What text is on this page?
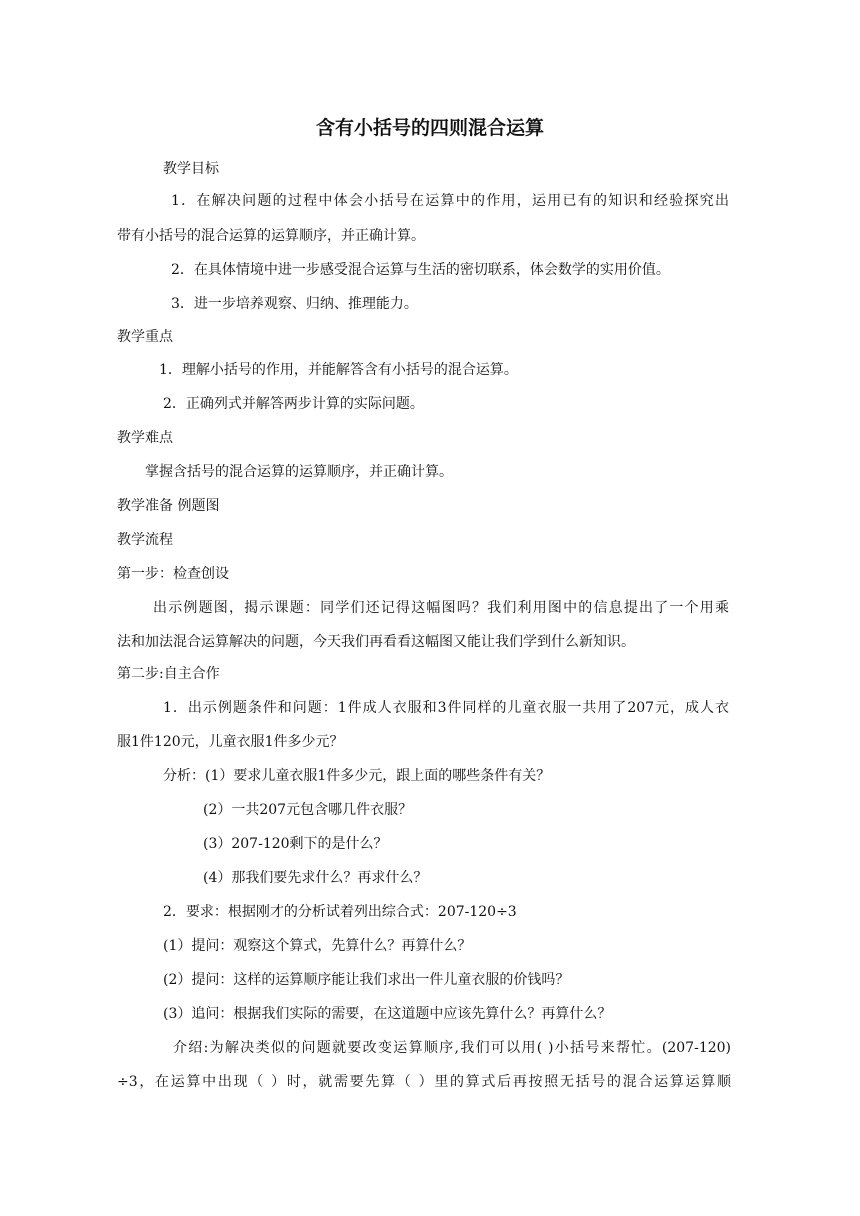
含有小括号的四则混合运算
教学目标
1．在解决问题的过程中体会小括号在运算中的作用，运用已有的知识和经验探究出
带有小括号的混合运算的运算顺序，并正确计算。
2．在具体情境中进一步感受混合运算与生活的密切联系，体会数学的实用价值。
3．进一步培养观察、归纳、推理能力。
教学重点
1．理解小括号的作用，并能解答含有小括号的混合运算。
2．正确列式并解答两步计算的实际问题。
教学难点
掌握含括号的混合运算的运算顺序，并正确计算。
教学准备 例题图
教学流程
第一步：检查创设
出示例题图，揭示课题：同学们还记得这幅图吗？我们利用图中的信息提出了一个用乘
法和加法混合运算解决的问题，今天我们再看看这幅图又能让我们学到什么新知识。
第二步:自主合作
1．出示例题条件和问题：1件成人衣服和3件同样的儿童衣服一共用了207元，成人衣
服1件120元，儿童衣服1件多少元？
分析：(1）要求儿童衣服1件多少元，跟上面的哪些条件有关？
(2）一共207元包含哪几件衣服？
(3）207-120剩下的是什么？
(4）那我们要先求什么？再求什么？
2．要求：根据刚才的分析试着列出综合式：207-120÷3
(1）提问：观察这个算式，先算什么？再算什么？
(2）提问：这样的运算顺序能让我们求出一件儿童衣服的价钱吗？
(3）追问：根据我们实际的需要，在这道题中应该先算什么？再算什么？
介绍:为解决类似的问题就要改变运算顺序,我们可以用( )小括号来帮忙。(207-120)
÷3，在运算中出现（ ）时，就需要先算（ ）里的算式后再按照无括号的混合运算运算顺
